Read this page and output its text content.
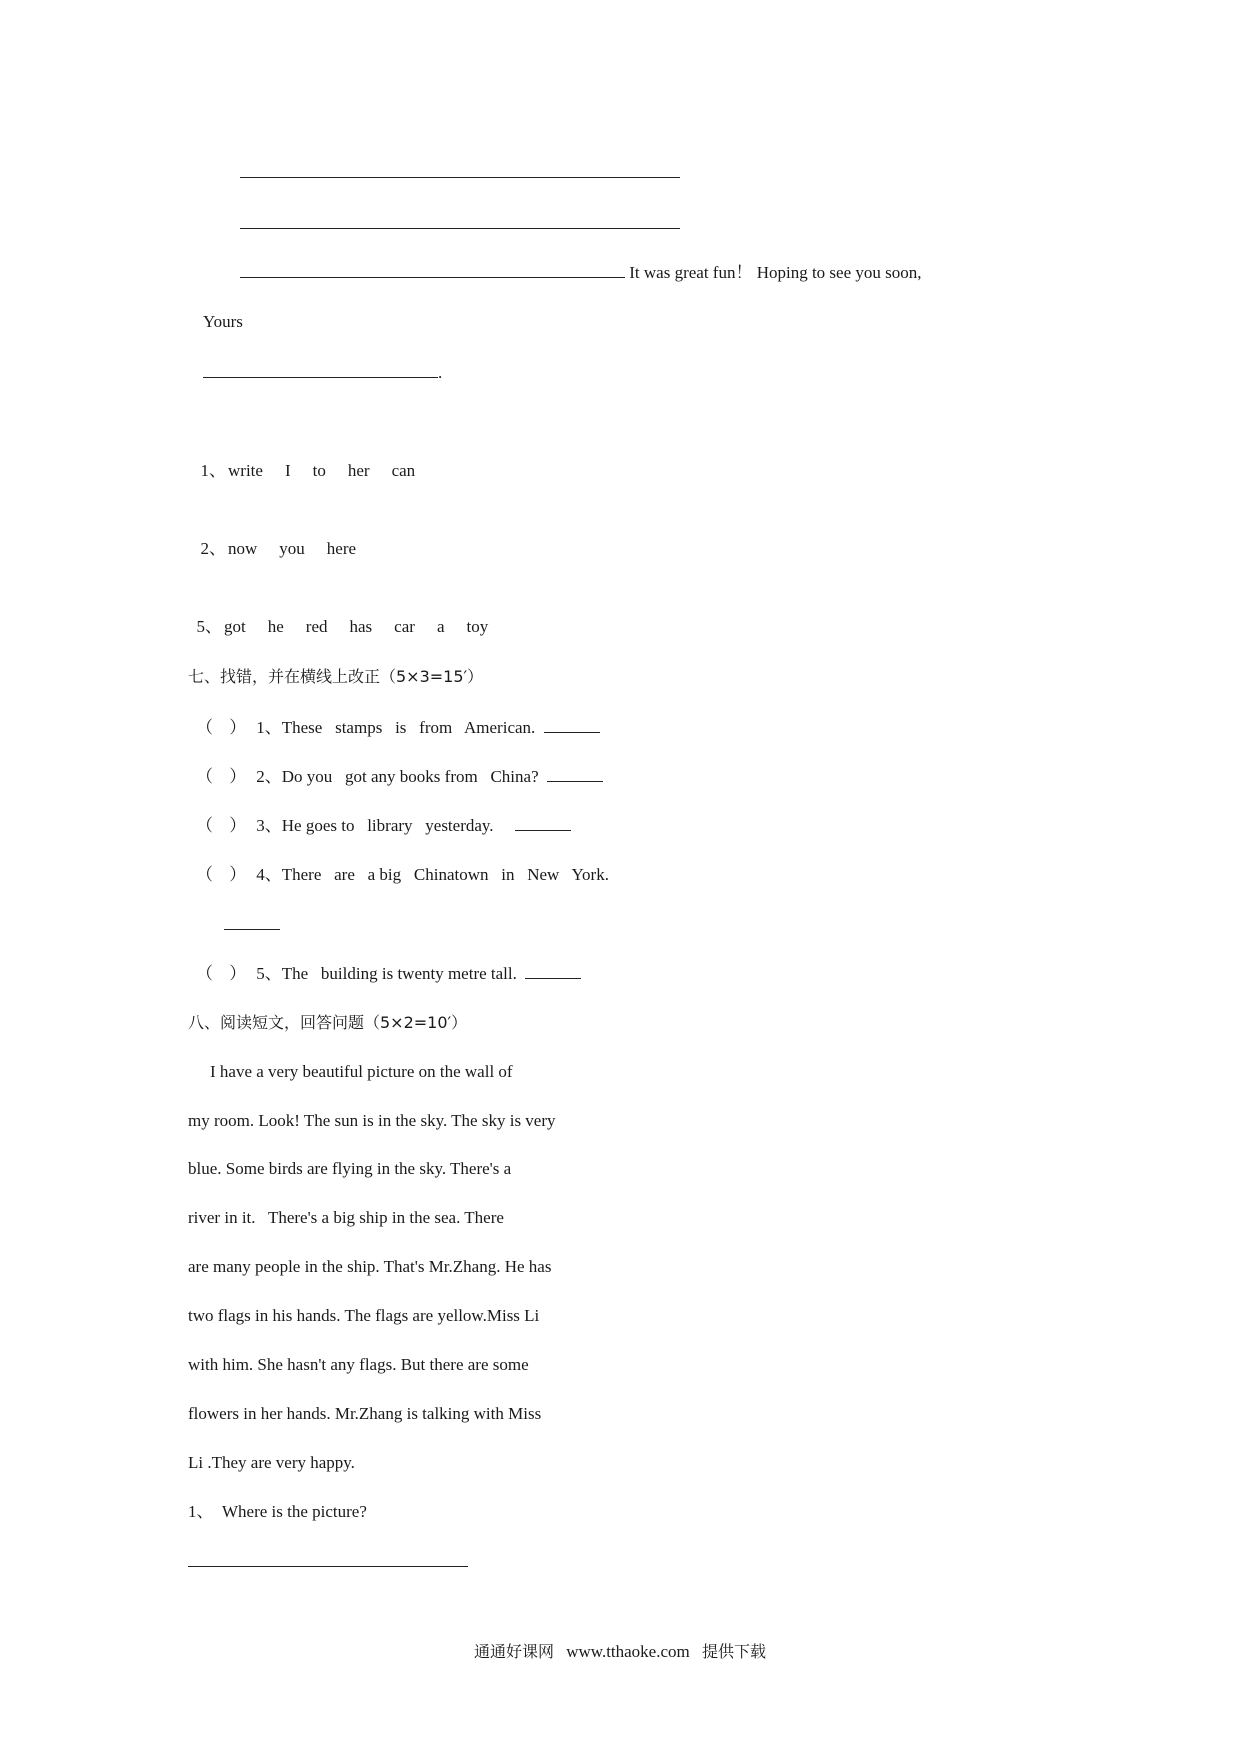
It was great fun！ Hoping to see you soon,
Yours
.

1、 write I to her can

2、 now you here

5、 got he red has car a toy

七、找错，并在横线上改正（5×3=15′）
（ ） 1、These   stamps   is   from   American.
（ ） 2、Do you   got any books from   China?
（ ） 3、He goes to   library   yesterday.
（ ） 4、There   are   a big   Chinatown   in   New   York.
（ ） 5、The   building is twenty metre tall.
八、阅读短文，回答问题（5×2=10′）
I have a very beautiful picture on the wall of
my room. Look! The sun is in the sky. The sky is very
blue. Some birds are flying in the sky. There's a
river in it.   There's a big ship in the sea. There
are many people in the ship. That's Mr.Zhang. He has
two flags in his hands. The flags are yellow.Miss Li
with him. She hasn't any flags. But there are some
flowers in her hands. Mr.Zhang is talking with Miss
Li .They are very happy.
1、 Where is the picture?
通通好课网 www.tthaoke.com 提供下载
